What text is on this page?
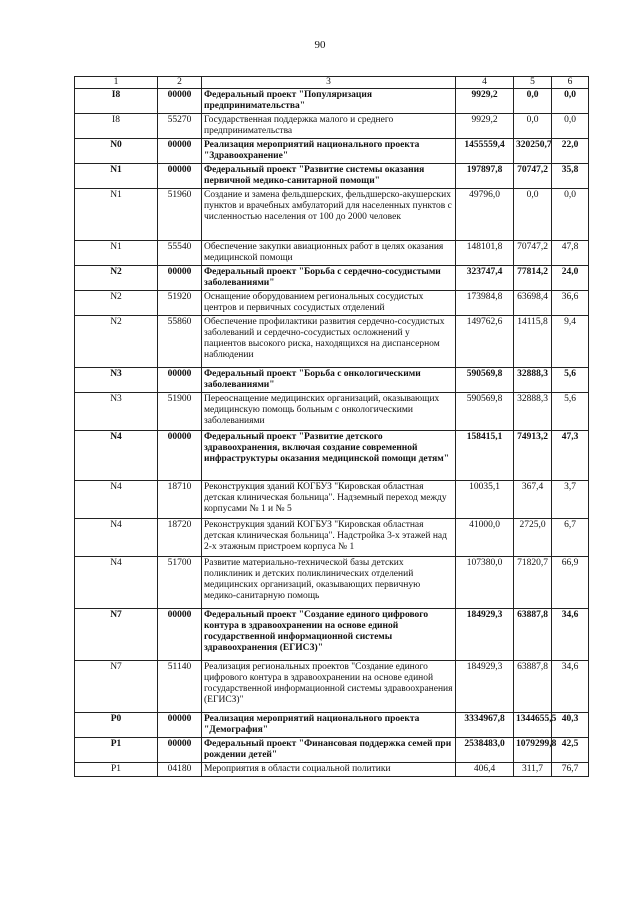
90
1	2	3	4	5	6
I8	00000	Федеральный проект "Популяризация предпринимательства"	9929,2	0,0	0,0
I8	55270	Государственная поддержка малого и среднего предпринимательства	9929,2	0,0	0,0
N0	00000	Реализация мероприятий национального проекта "Здравоохранение"	1455559,4	320250,7	22,0
N1	00000	Федеральный проект "Развитие системы оказания первичной медико-санитарной помощи"	197897,8	70747,2	35,8
N1	51960	Создание и замена фельдшерских, фельдшерско-акушерских пунктов и врачебных амбулаторий для населенных пунктов с численностью населения от 100 до 2000 человек	49796,0	0,0	0,0
N1	55540	Обеспечение закупки авиационных работ в целях оказания медицинской помощи	148101,8	70747,2	47,8
N2	00000	Федеральный проект "Борьба с сердечно-сосудистыми заболеваниями"	323747,4	77814,2	24,0
N2	51920	Оснащение оборудованием региональных сосудистых центров и первичных сосудистых отделений	173984,8	63698,4	36,6
N2	55860	Обеспечение профилактики развития сердечно-сосудистых заболеваний и сердечно-сосудистых осложнений у пациентов высокого риска, находящихся на диспансерном наблюдении	149762,6	14115,8	9,4
N3	00000	Федеральный проект "Борьба с онкологическими заболеваниями"	590569,8	32888,3	5,6
N3	51900	Переоснащение медицинских организаций, оказывающих медицинскую помощь больным с онкологическими заболеваниями	590569,8	32888,3	5,6
N4	00000	Федеральный проект "Развитие детского здравоохранения, включая создание современной инфраструктуры оказания медицинской помощи детям"	158415,1	74913,2	47,3
N4	18710	Реконструкция зданий КОГБУЗ "Кировская областная детская клиническая больница". Надземный переход между корпусами № 1 и № 5	10035,1	367,4	3,7
N4	18720	Реконструкция зданий КОГБУЗ "Кировская областная детская клиническая больница". Надстройка 3-х этажей над 2-х этажным пристроем корпуса № 1	41000,0	2725,0	6,7
N4	51700	Развитие материально-технической базы детских поликлиник и детских поликлинических отделений медицинских организаций, оказывающих первичную медико-санитарную помощь	107380,0	71820,7	66,9
N7	00000	Федеральный проект "Создание единого цифрового контура в здравоохранении на основе единой государственной информационной системы здравоохранения (ЕГИСЗ)"	184929,3	63887,8	34,6
N7	51140	Реализация региональных проектов "Создание единого цифрового контура в здравоохранении на основе единой государственной информационной системы здравоохранения (ЕГИСЗ)"	184929,3	63887,8	34,6
P0	00000	Реализация мероприятий национального проекта "Демография"	3334967,8	1344655,5	40,3
P1	00000	Федеральный проект "Финансовая поддержка семей при рождении детей"	2538483,0	1079299,8	42,5
P1	04180	Мероприятия в области социальной политики	406,4	311,7	76,7
